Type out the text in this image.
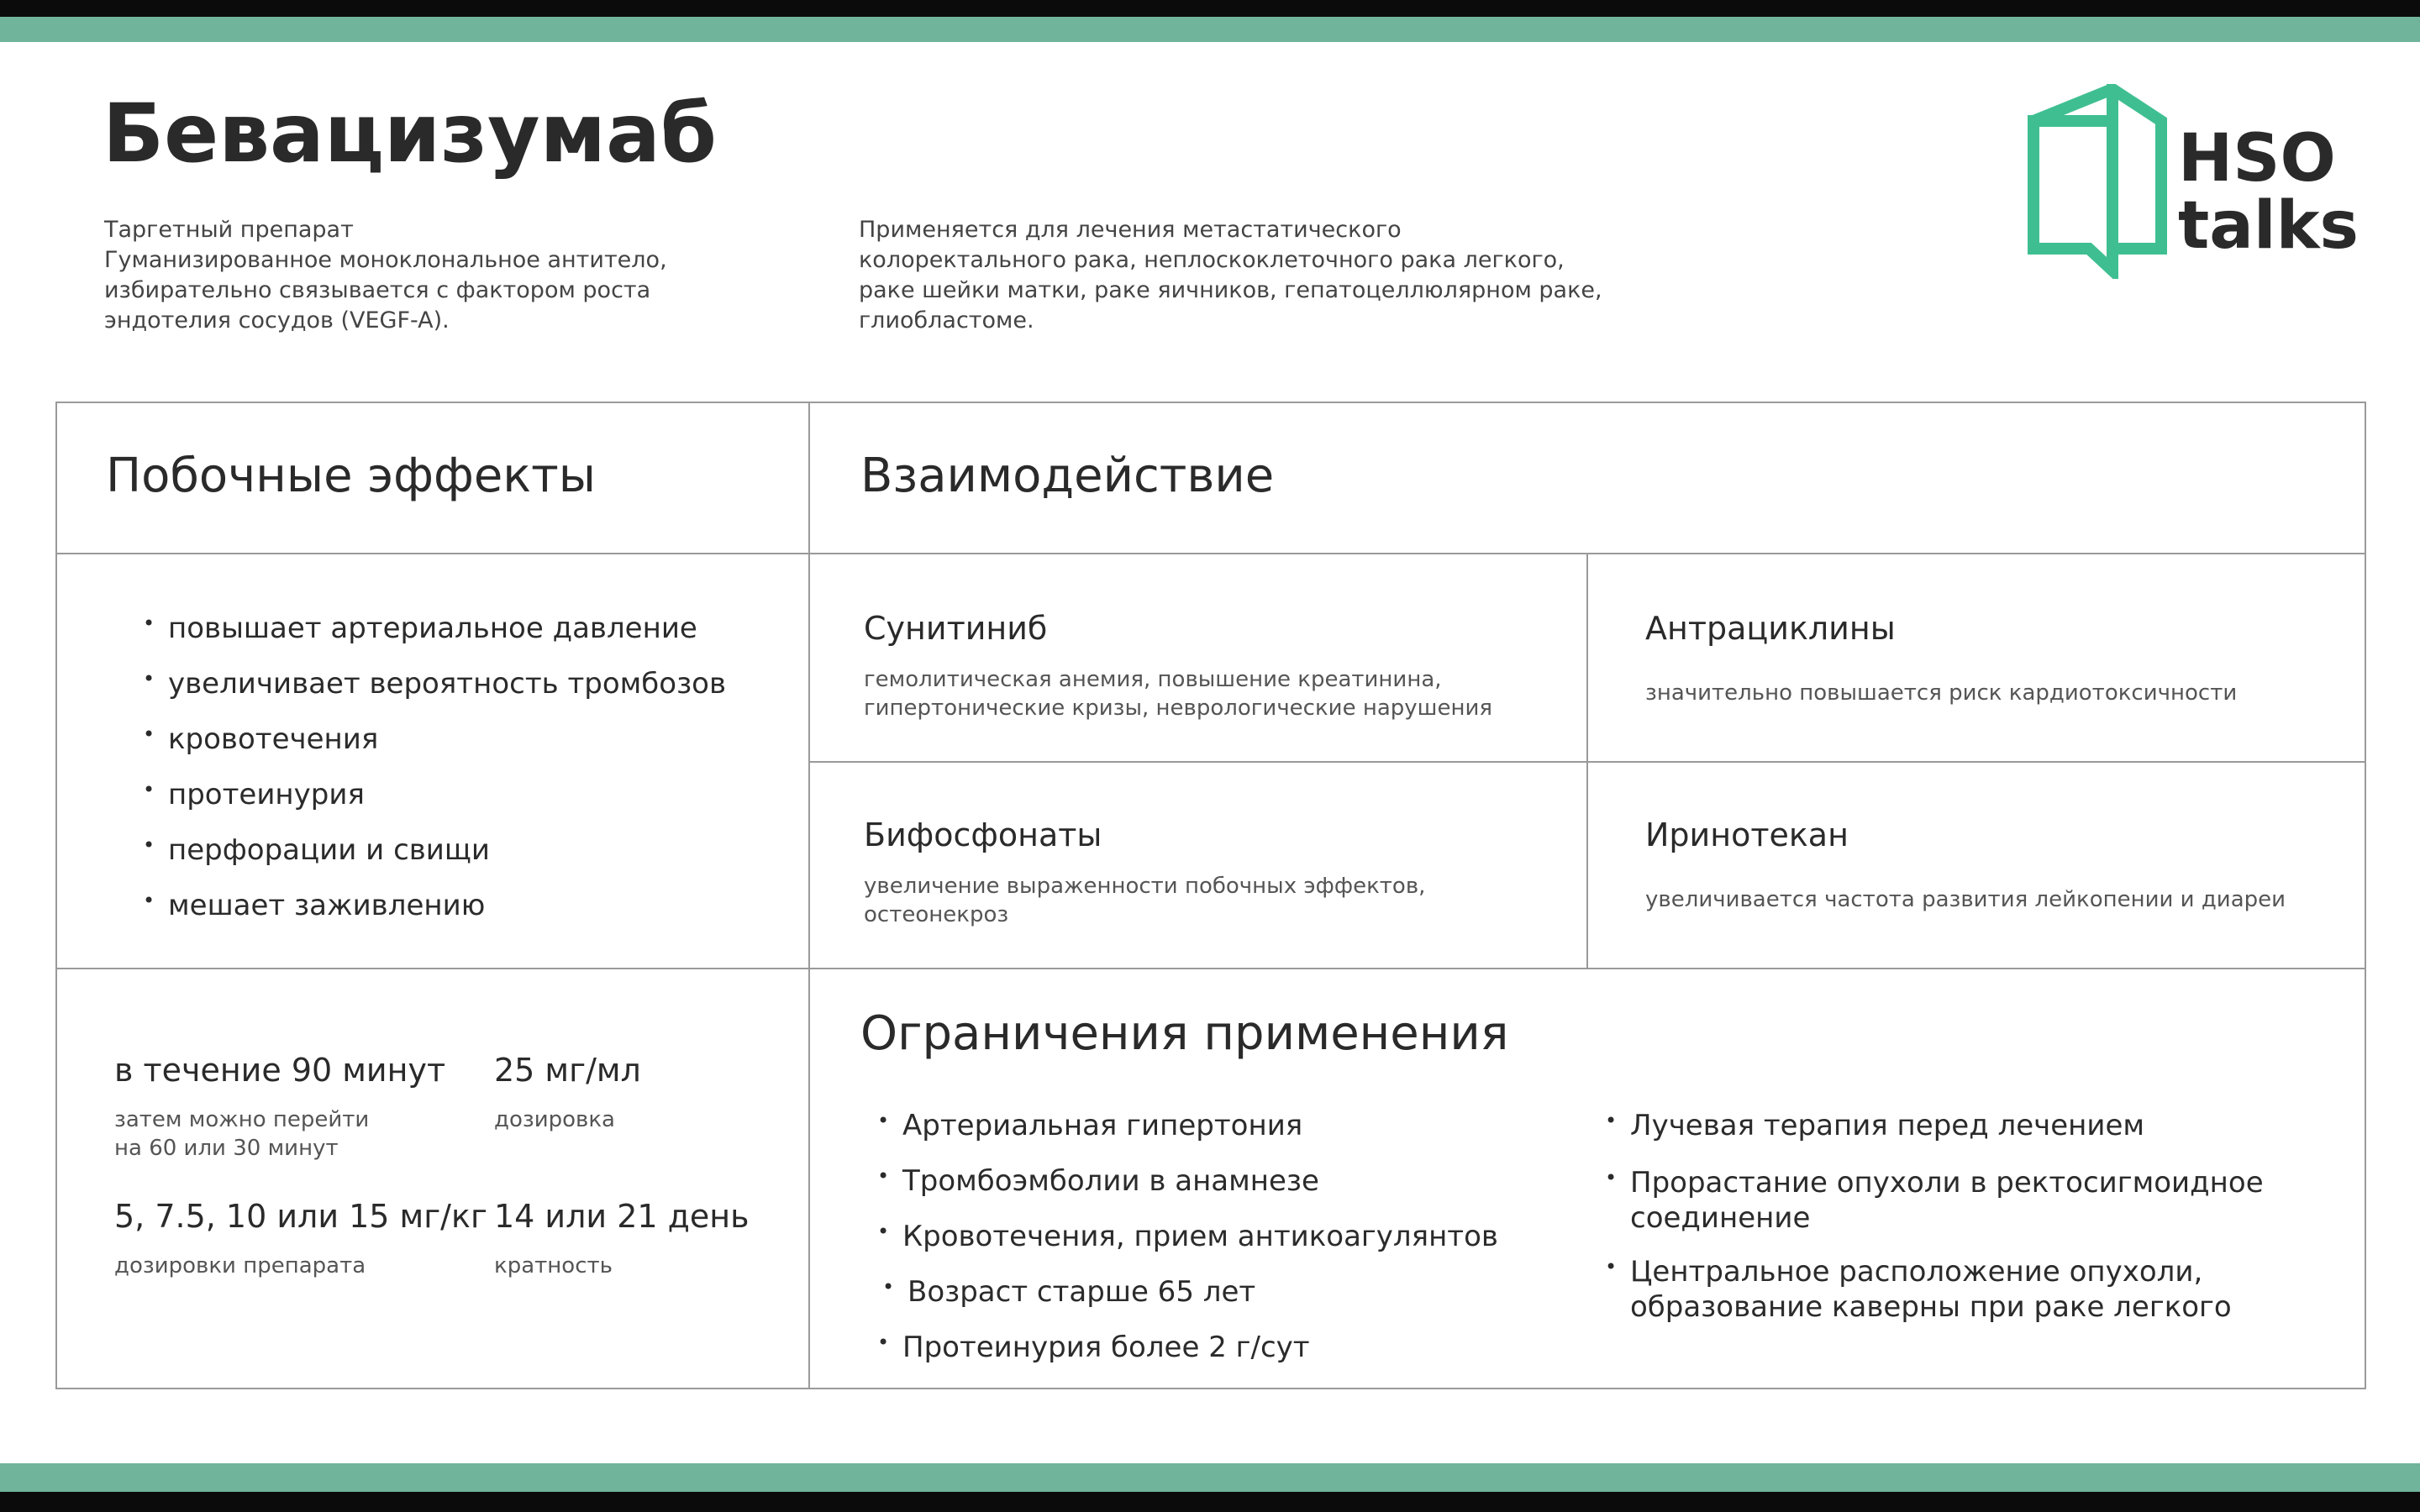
Бевацизумаб
Таргетный препарат
Гуманизированное моноклональное антитело,
избирательно связывается с фактором роста
эндотелия сосудов (VEGF-A).
Применяется для лечения метастатического
колоректального рака, неплоскоклеточного рака легкого,
раке шейки матки, раке яичников, гепатоцеллюлярном раке,
глиобластоме.
HSO
talks
Побочные эффекты
• повышает артериальное давление
• увеличивает вероятность тромбозов
• кровотечения
• протеинурия
• перфорации и свищи
• мешает заживлению
Взаимодействие
Сунитиниб
гемолитическая анемия, повышение креатинина,
гипертонические кризы, неврологические нарушения
Антрациклины
значительно повышается риск кардиотоксичности
Бифосфонаты
увеличение выраженности побочных эффектов,
остеонекроз
Иринотекан
увеличивается частота развития лейкопении и диареи
в течение 90 минут
затем можно перейти
на 60 или 30 минут
25 мг/мл
дозировка
5, 7.5, 10 или 15 мг/кг
дозировки препарата
14 или 21 день
кратность
Ограничения применения
• Артериальная гипертония
• Тромбоэмболии в анамнезе
• Кровотечения, прием антикоагулянтов
• Возраст старше 65 лет
• Протеинурия более 2 г/сут
• Лучевая терапия перед лечением
• Прорастание опухоли в ректосигмоидное
соединение
• Центральное расположение опухоли,
образование каверны при раке легкого
